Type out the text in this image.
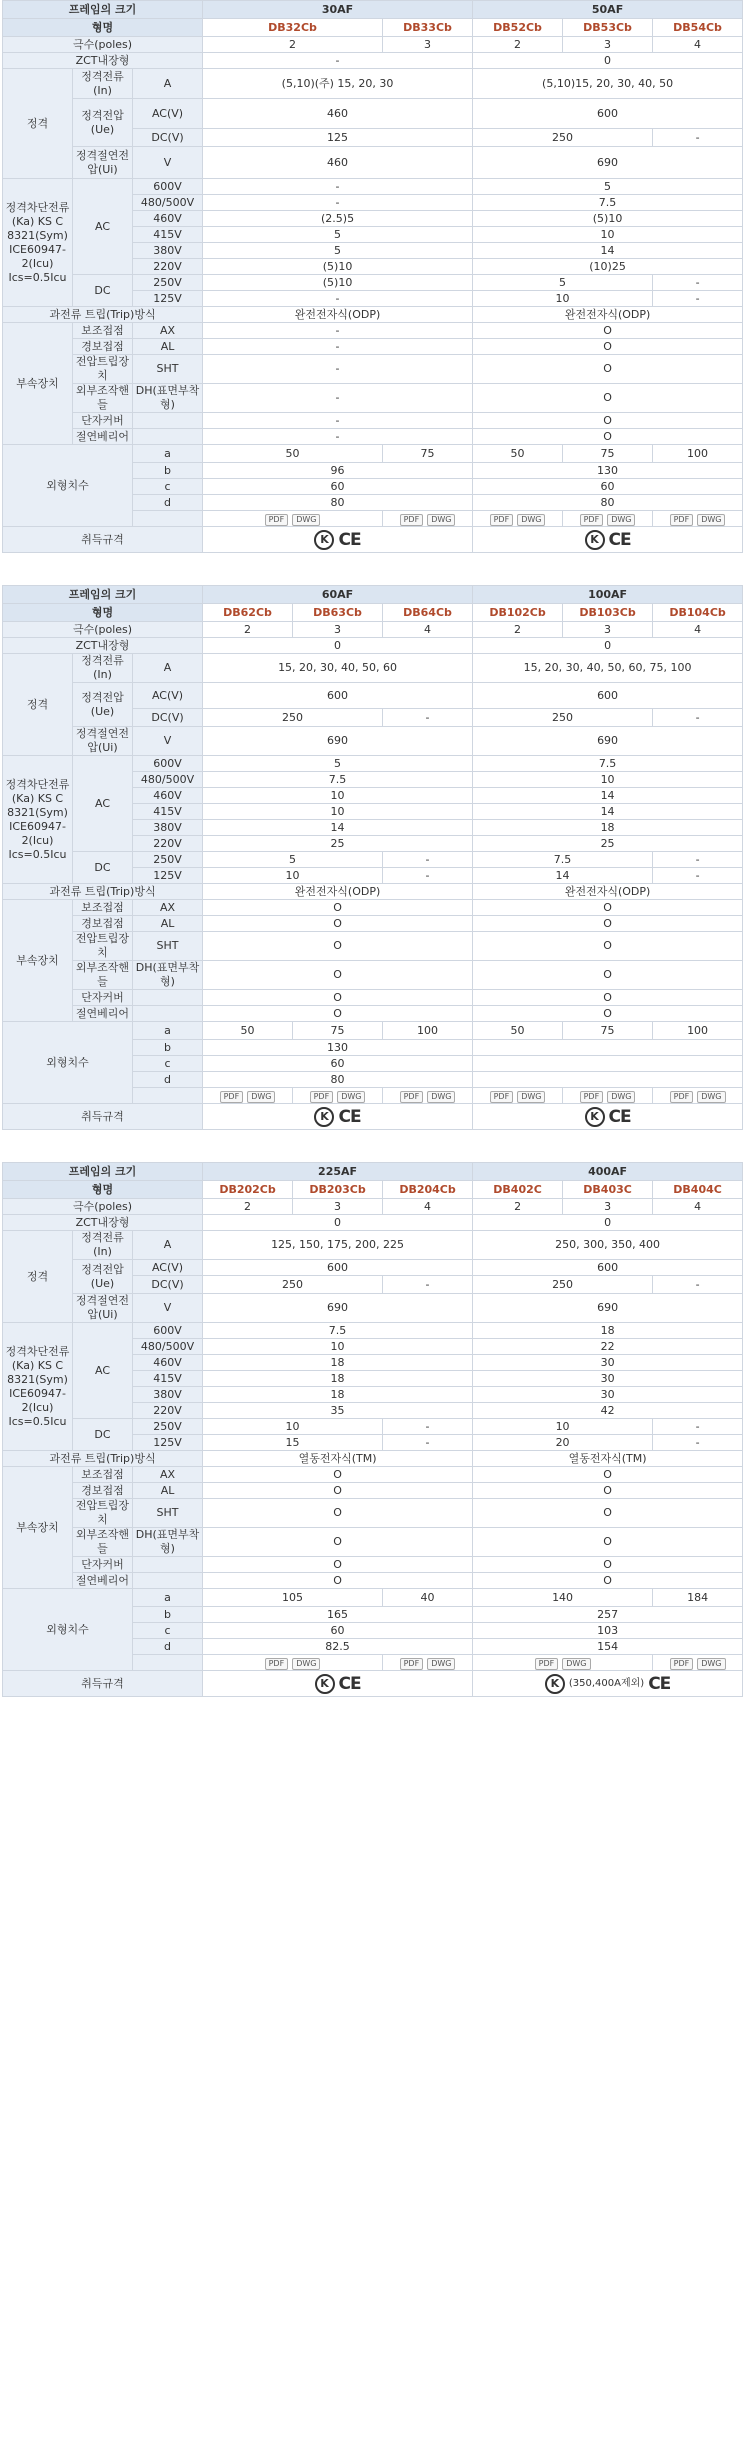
프레임의 크기			30AF		50AF		
형명			DB32Cb	DB33Cb	DB52Cb	DB53Cb	DB54Cb
극수(poles)			2	3	2	3	4
ZCT내장형			-		0		
정격	정격전류(In)	A	(5,10)(주) 15, 20, 30		(5,10)15, 20, 30, 40, 50		
	정격전압(Ue)	AC(V)	460		600		
		DC(V)	125		250		-
	정격절연전압(Ui)	V	460		690		
정격차단전류(Ka) KS C 8321(Sym) ICE60947-2(Icu) Ics=0.5Icu	AC	600V	-		5		
		480/500V	-		7.5		
		460V	(2.5)5		(5)10		
		415V	5		10		
		380V	5		14		
		220V	(5)10		(10)25		
	DC	250V	(5)10		5		-
		125V	-		10		-
과전류 트립(Trip)방식			완전전자식(ODP)		완전전자식(ODP)		
부속장치	보조접점	AX	-		O		
	경보접점	AL	-		O		
	전압트립장치	SHT	-		O		
	외부조작핸들	DH(표면부착형)	-		O		
	단자커버		-		O		
	절연베리어		-		O		
외형치수		a	50	75	50	75	100
		b	96		130		
		c	60		60		
		d	80		80		
			PDF DWG	PDF DWG	PDF DWG	PDF DWG	PDF DWG
취득규격			K CE		K CE		
프레임의 크기			60AF			100AF		
형명			DB62Cb	DB63Cb	DB64Cb	DB102Cb	DB103Cb	DB104Cb
극수(poles)			2	3	4	2	3	4
ZCT내장형			0			0		
정격	정격전류(In)	A	15, 20, 30, 40, 50, 60			15, 20, 30, 40, 50, 60, 75, 100		
	정격전압(Ue)	AC(V)	600			600		
		DC(V)	250		-	250		-
	정격절연전압(Ui)	V	690			690		
정격차단전류(Ka) KS C 8321(Sym) ICE60947-2(Icu) Ics=0.5Icu	AC	600V	5			7.5		
		480/500V	7.5			10		
		460V	10			14		
		415V	10			14		
		380V	14			18		
		220V	25			25		
	DC	250V	5		-	7.5		-
		125V	10		-	14		-
과전류 트립(Trip)방식			완전전자식(ODP)			완전전자식(ODP)		
부속장치	보조접점	AX	O			O		
	경보접점	AL	O			O		
	전압트립장치	SHT	O			O		
	외부조작핸들	DH(표면부착형)	O			O		
	단자커버		O			O		
	절연베리어		O			O		
외형치수		a	50	75	100	50	75	100
		b	130					
		c	60					
		d	80					
			PDF DWG	PDF DWG	PDF DWG	PDF DWG	PDF DWG	PDF DWG
취득규격			K CE			K CE		
프레임의 크기			225AF			400AF		
형명			DB202Cb	DB203Cb	DB204Cb	DB402C	DB403C	DB404C
극수(poles)			2	3	4	2	3	4
ZCT내장형			0			0		
정격	정격전류(In)	A	125, 150, 175, 200, 225			250, 300, 350, 400		
	정격전압(Ue)	AC(V)	600			600		
		DC(V)	250		-	250		-
	정격절연전압(Ui)	V	690			690		
정격차단전류(Ka) KS C 8321(Sym) ICE60947-2(Icu) Ics=0.5Icu	AC	600V	7.5			18		
		480/500V	10			22		
		460V	18			30		
		415V	18			30		
		380V	18			30		
		220V	35			42		
	DC	250V	10		-	10		-
		125V	15		-	20		-
과전류 트립(Trip)방식			열동전자식(TM)			열동전자식(TM)		
부속장치	보조접점	AX	O			O		
	경보접점	AL	O			O		
	전압트립장치	SHT	O			O		
	외부조작핸들	DH(표면부착형)	O			O		
	단자커버		O			O		
	절연베리어		O			O		
외형치수		a	105		40	140		184
		b	165			257		
		c	60			103		
		d	82.5			154		
			PDF DWG		PDF DWG	PDF DWG		PDF DWG
취득규격			K CE			K (350,400A제외) CE		
